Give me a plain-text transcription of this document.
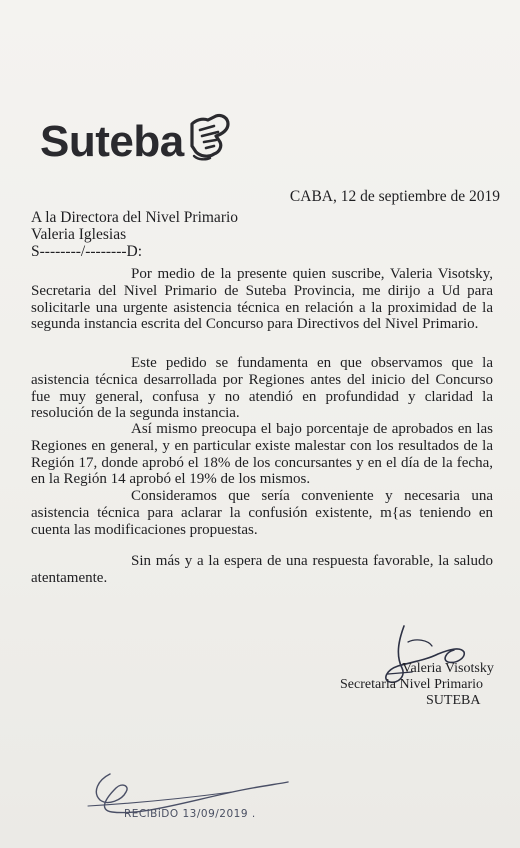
Suteba
CABA, 12 de septiembre de 2019
A la Directora del Nivel Primario
Valeria Iglesias
S--------/--------D:

Por medio de la presente quien suscribe, Valeria Visotsky, Secretaria del Nivel Primario de Suteba Provincia, me dirijo a Ud para solicitarle una urgente asistencia técnica en relación a la proximidad de la segunda instancia escrita del Concurso para Directivos del Nivel Primario.

Este pedido se fundamenta en que observamos que la asistencia técnica desarrollada por Regiones antes del inicio del Concurso fue muy general, confusa y no atendió en profundidad y claridad la resolución de la segunda instancia.

Así mismo preocupa el bajo porcentaje de aprobados en las Regiones en general, y en particular existe malestar con los resultados de la Región 17, donde aprobó el 18% de los concursantes y en el día de la fecha, en la Región 14 aprobó el 19% de los mismos.

Consideramos que sería conveniente y necesaria una asistencia técnica para aclarar la confusión existente, m{as teniendo en cuenta las modificaciones propuestas.

Sin más y a la espera de una respuesta favorable, la saludo atentamente.

Valeria Visotsky
Secretaria Nivel Primario
SUTEBA
RECiBiDO 13/09/2019 .
